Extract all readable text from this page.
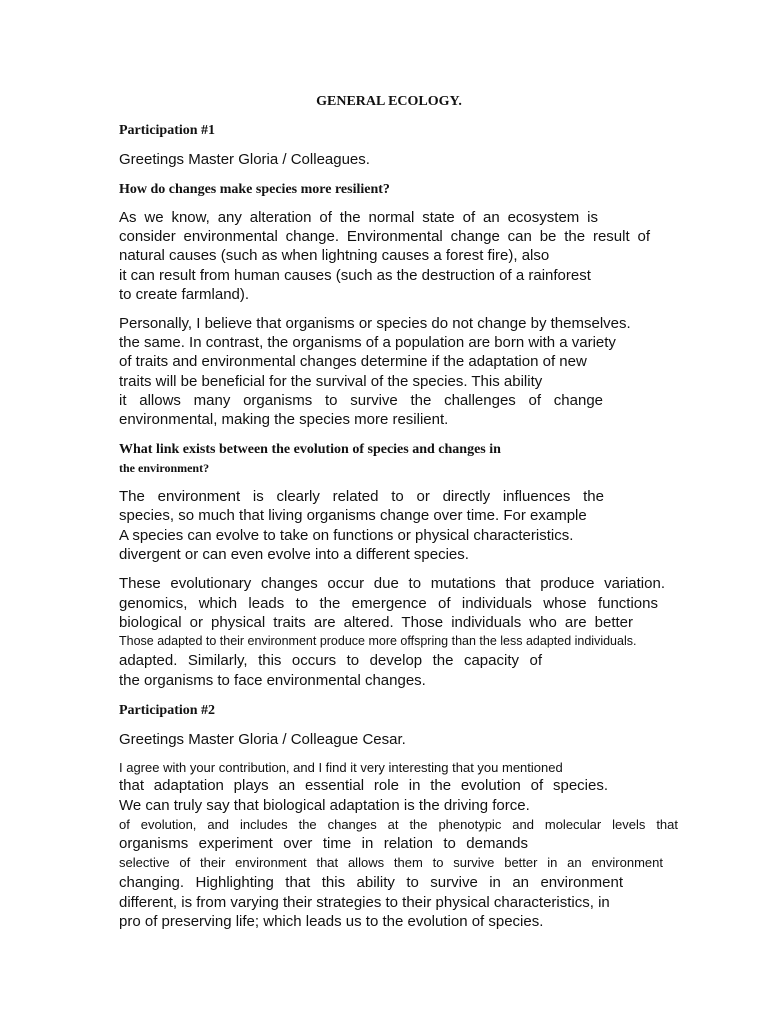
GENERAL ECOLOGY.
Participation #1
Greetings Master Gloria / Colleagues.
How do changes make species more resilient?
As we know, any alteration of the normal state of an ecosystem is
consider environmental change. Environmental change can be the result of
natural causes (such as when lightning causes a forest fire), also
it can result from human causes (such as the destruction of a rainforest
to create farmland).
Personally, I believe that organisms or species do not change by themselves.
the same. In contrast, the organisms of a population are born with a variety
of traits and environmental changes determine if the adaptation of new
traits will be beneficial for the survival of the species. This ability
it allows many organisms to survive the challenges of change
environmental, making the species more resilient.
What link exists between the evolution of species and changes in
the environment?
The environment is clearly related to or directly influences the
species, so much that living organisms change over time. For example
A species can evolve to take on functions or physical characteristics.
divergent or can even evolve into a different species.
These evolutionary changes occur due to mutations that produce variation.
genomics, which leads to the emergence of individuals whose functions
biological or physical traits are altered. Those individuals who are better
Those adapted to their environment produce more offspring than the less adapted individuals.
adapted. Similarly, this occurs to develop the capacity of
the organisms to face environmental changes.
Participation #2
Greetings Master Gloria / Colleague Cesar.
I agree with your contribution, and I find it very interesting that you mentioned
that adaptation plays an essential role in the evolution of species.
We can truly say that biological adaptation is the driving force.
of evolution, and includes the changes at the phenotypic and molecular levels that
organisms experiment over time in relation to demands
selective of their environment that allows them to survive better in an environment
changing. Highlighting that this ability to survive in an environment
different, is from varying their strategies to their physical characteristics, in
pro of preserving life; which leads us to the evolution of species.
